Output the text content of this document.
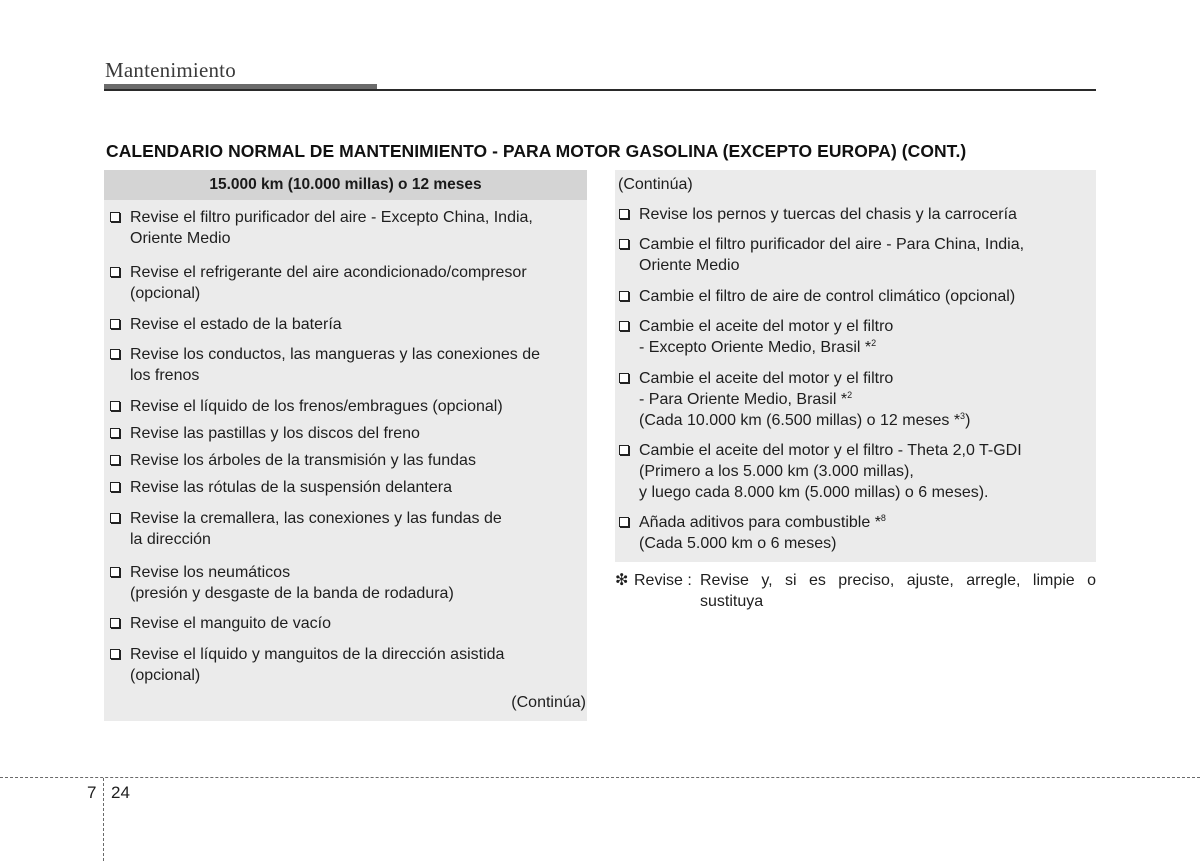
Mantenimiento
CALENDARIO NORMAL DE MANTENIMIENTO - PARA MOTOR GASOLINA (EXCEPTO EUROPA) (CONT.)
15.000 km (10.000 millas) o 12 meses
Revise el filtro purificador del aire - Excepto China, India,
Oriente Medio
Revise el refrigerante del aire acondicionado/compresor
(opcional)
Revise el estado de la batería
Revise los conductos, las mangueras y las conexiones de
los frenos
Revise el líquido de los frenos/embragues (opcional)
Revise las pastillas y los discos del freno
Revise los árboles de la transmisión y las fundas
Revise las rótulas de la suspensión delantera
Revise la cremallera, las conexiones y las fundas de
la dirección
Revise los neumáticos
(presión y desgaste de la banda de rodadura)
Revise el manguito de vacío
Revise el líquido y manguitos de la dirección asistida
(opcional)
(Continúa)
(Continúa)
Revise los pernos y tuercas del chasis y la carrocería
Cambie el filtro purificador del aire - Para China, India,
Oriente Medio
Cambie el filtro de aire de control climático (opcional)
Cambie el aceite del motor y el filtro
- Excepto Oriente Medio, Brasil *$^2$
Cambie el aceite del motor y el filtro
- Para Oriente Medio, Brasil *$^2$
(Cada 10.000 km (6.500 millas) o 12 meses *$^3$)
Cambie el aceite del motor y el filtro - Theta 2,0 T-GDI
(Primero a los 5.000 km (3.000 millas),
y luego cada 8.000 km (5.000 millas) o 6 meses).
Añada aditivos para combustible *$^8$
(Cada 5.000 km o 6 meses)
❇ Revise : Revise y, si es preciso, ajuste, arregle, limpie o sustituya
7 24
